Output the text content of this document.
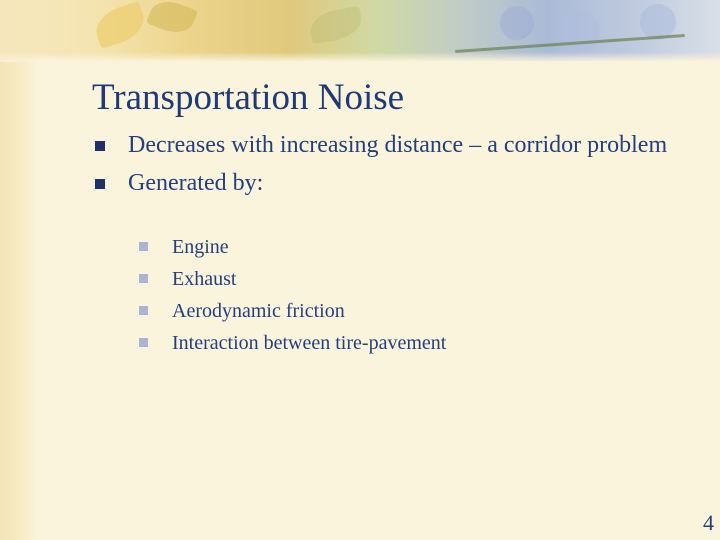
Transportation Noise
Decreases with increasing distance – a corridor problem
Generated by:
Engine
Exhaust
Aerodynamic friction
Interaction between tire-pavement
4
